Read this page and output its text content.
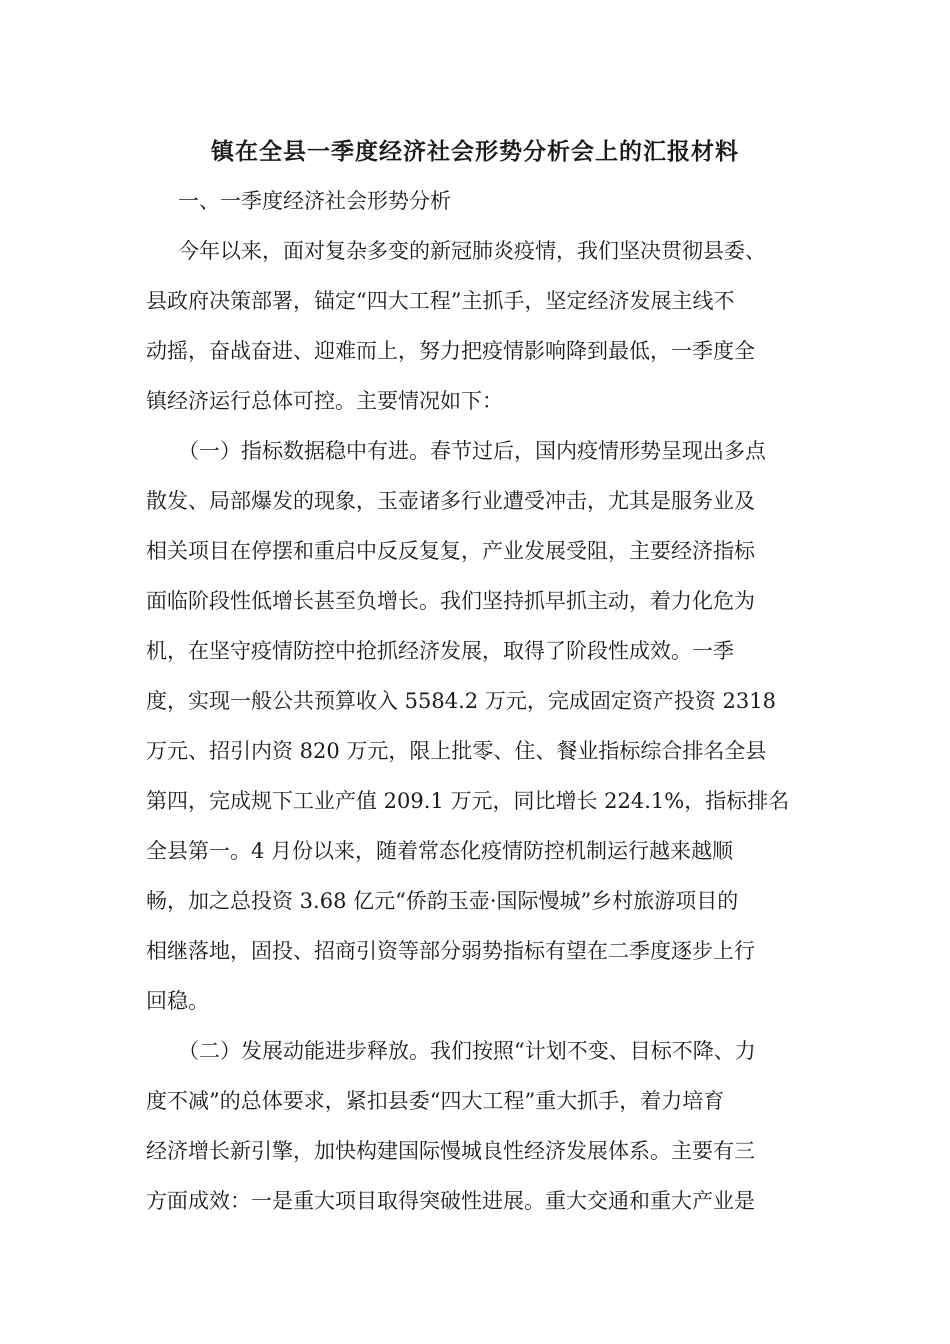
镇在全县一季度经济社会形势分析会上的汇报材料
一、一季度经济社会形势分析
今年以来，面对复杂多变的新冠肺炎疫情，我们坚决贯彻县委、
县政府决策部署，锚定“四大工程”主抓手，坚定经济发展主线不
动摇，奋战奋进、迎难而上，努力把疫情影响降到最低，一季度全
镇经济运行总体可控。主要情况如下：
（一）指标数据稳中有进。春节过后，国内疫情形势呈现出多点
散发、局部爆发的现象，玉壶诸多行业遭受冲击，尤其是服务业及
相关项目在停摆和重启中反反复复，产业发展受阻，主要经济指标
面临阶段性低增长甚至负增长。我们坚持抓早抓主动，着力化危为
机，在坚守疫情防控中抢抓经济发展，取得了阶段性成效。一季
度，实现一般公共预算收入 5584.2 万元，完成固定资产投资 2318
万元、招引内资 820 万元，限上批零、住、餐业指标综合排名全县
第四，完成规下工业产值 209.1 万元，同比增长 224.1%，指标排名
全县第一。4 月份以来，随着常态化疫情防控机制运行越来越顺
畅，加之总投资 3.68 亿元“侨韵玉壶·国际慢城”乡村旅游项目的
相继落地，固投、招商引资等部分弱势指标有望在二季度逐步上行
回稳。
（二）发展动能进步释放。我们按照“计划不变、目标不降、力
度不减”的总体要求，紧扣县委“四大工程”重大抓手，着力培育
经济增长新引擎，加快构建国际慢城良性经济发展体系。主要有三
方面成效：一是重大项目取得突破性进展。重大交通和重大产业是
